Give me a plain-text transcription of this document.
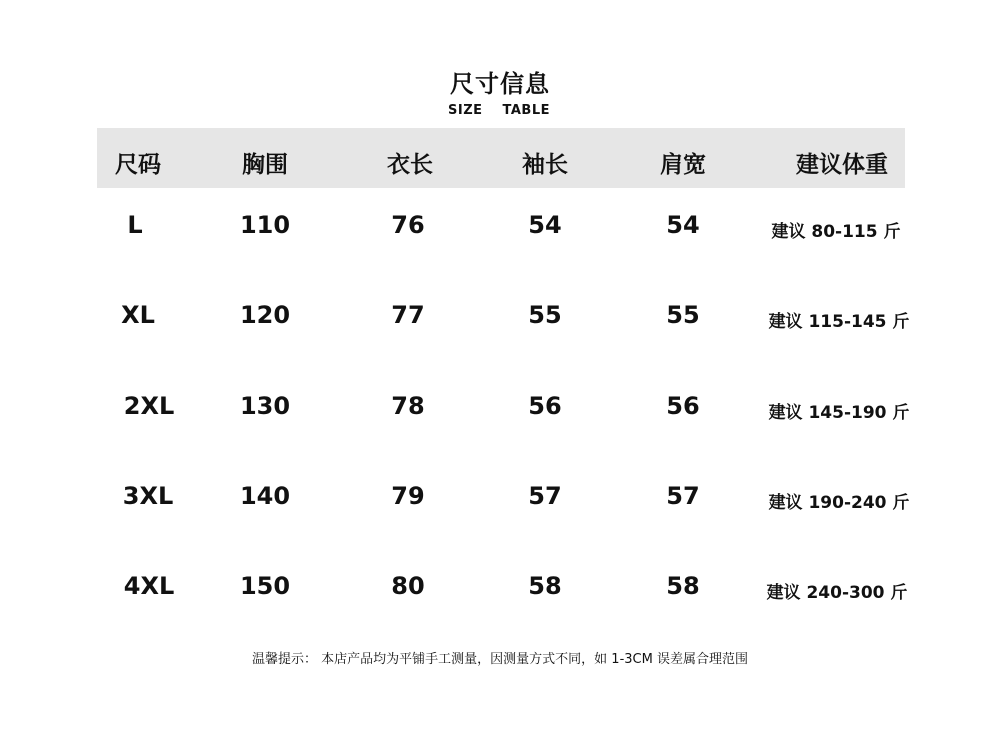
尺寸信息
SIZE TABLE
尺码	胸围	衣长	袖长	肩宽	建议体重
L	110	76	54	54	建议 80-115 斤
XL	120	77	55	55	建议 115-145 斤
2XL	130	78	56	56	建议 145-190 斤
3XL	140	79	57	57	建议 190-240 斤
4XL	150	80	58	58	建议 240-300 斤
温馨提示： 本店产品均为平铺手工测量，因测量方式不同，如 1-3CM 误差属合理范围
